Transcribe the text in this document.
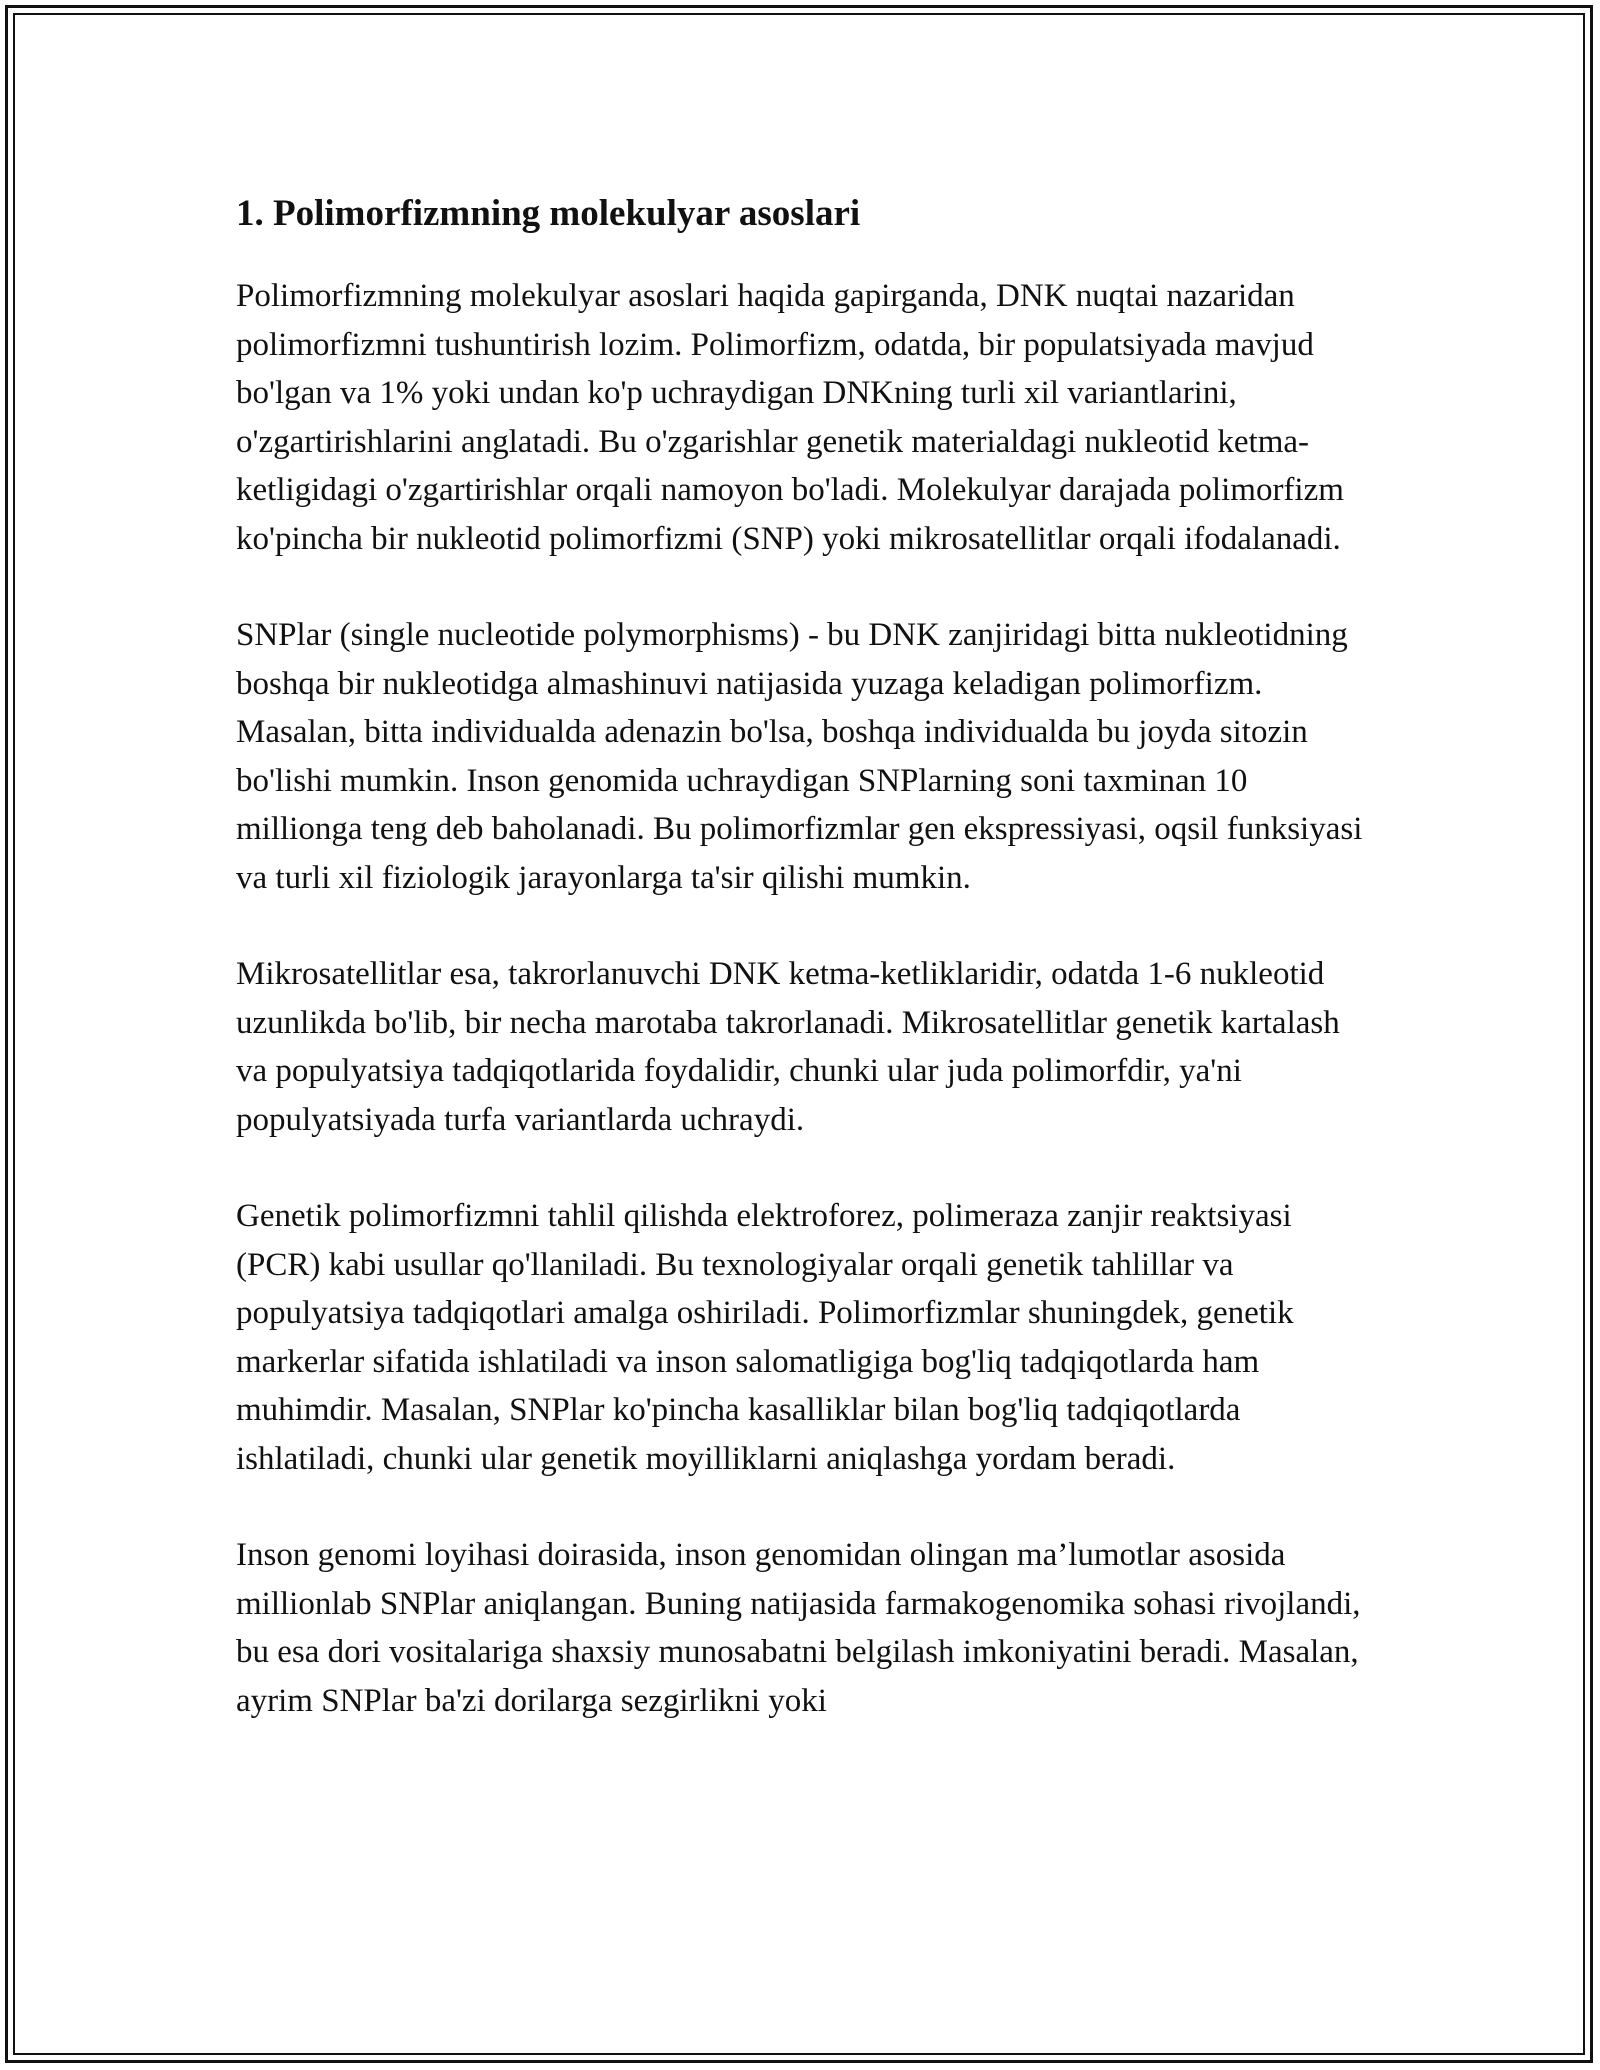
1. Polimorfizmning molekulyar asoslari

Polimorfizmning molekulyar asoslari haqida gapirganda, DNK nuqtai nazaridan polimorfizmni tushuntirish lozim. Polimorfizm, odatda, bir populatsiyada mavjud bo'lgan va 1% yoki undan ko'p uchraydigan DNKning turli xil variantlarini, o'zgartirishlarini anglatadi. Bu o'zgarishlar genetik materialdagi nukleotid ketma-ketligidagi o'zgartirishlar orqali namoyon bo'ladi. Molekulyar darajada polimorfizm ko'pincha bir nukleotid polimorfizmi (SNP) yoki mikrosatellitlar orqali ifodalanadi.

SNPlar (single nucleotide polymorphisms) - bu DNK zanjiridagi bitta nukleotidning boshqa bir nukleotidga almashinuvi natijasida yuzaga keladigan polimorfizm. Masalan, bitta individualda adenazin bo'lsa, boshqa individualda bu joyda sitozin bo'lishi mumkin. Inson genomida uchraydigan SNPlarning soni taxminan 10 millionga teng deb baholanadi. Bu polimorfizmlar gen ekspressiyasi, oqsil funksiyasi va turli xil fiziologik jarayonlarga ta'sir qilishi mumkin.

Mikrosatellitlar esa, takrorlanuvchi DNK ketma-ketliklaridir, odatda 1-6 nukleotid uzunlikda bo'lib, bir necha marotaba takrorlanadi. Mikrosatellitlar genetik kartalash va populyatsiya tadqiqotlarida foydalidir, chunki ular juda polimorfdir, ya'ni populyatsiyada turfa variantlarda uchraydi.

Genetik polimorfizmni tahlil qilishda elektroforez, polimeraza zanjir reaktsiyasi (PCR) kabi usullar qo'llaniladi. Bu texnologiyalar orqali genetik tahlillar va populyatsiya tadqiqotlari amalga oshiriladi. Polimorfizmlar shuningdek, genetik markerlar sifatida ishlatiladi va inson salomatligiga bog'liq tadqiqotlarda ham muhimdir. Masalan, SNPlar ko'pincha kasalliklar bilan bog'liq tadqiqotlarda ishlatiladi, chunki ular genetik moyilliklarni aniqlashga yordam beradi.

Inson genomi loyihasi doirasida, inson genomidan olingan ma’lumotlar asosida millionlab SNPlar aniqlangan. Buning natijasida farmakogenomika sohasi rivojlandi, bu esa dori vositalariga shaxsiy munosabatni belgilash imkoniyatini beradi. Masalan, ayrim SNPlar ba'zi dorilarga sezgirlikni yoki
